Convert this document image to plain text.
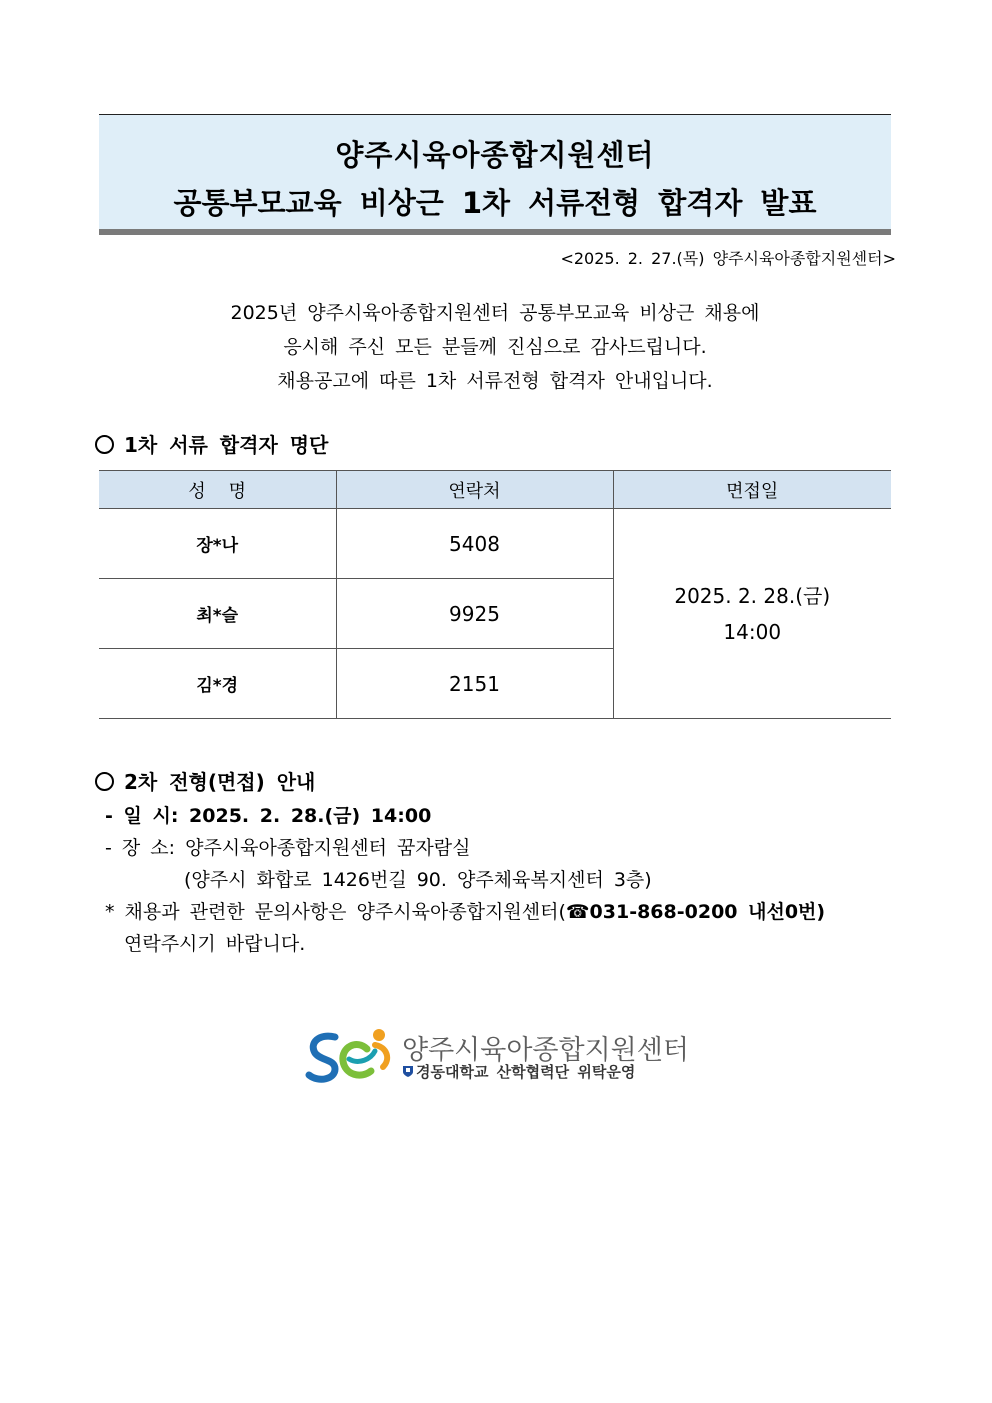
양주시육아종합지원센터
공통부모교육 비상근 1차 서류전형 합격자 발표
<2025. 2. 27.(목) 양주시육아종합지원센터>
2025년 양주시육아종합지원센터 공통부모교육 비상근 채용에
응시해 주신 모든 분들께 진심으로 감사드립니다.
채용공고에 따른 1차 서류전형 합격자 안내입니다.
1차 서류 합격자 명단
성    명	연락처	면접일
장*나	5408	2025. 2. 28.(금)
14:00

최*슬	9925	
김*경	2151	
2차 전형(면접) 안내
- 일 시: 2025. 2. 28.(금) 14:00
- 장 소: 양주시육아종합지원센터 꿈자람실
(양주시 화합로 1426번길 90. 양주체육복지센터 3층)
* 채용과 관련한 문의사항은 양주시육아종합지원센터(☎031-868-0200 내선0번)
연락주시기 바랍니다.
양주시육아종합지원센터
경동대학교 산학협력단 위탁운영
